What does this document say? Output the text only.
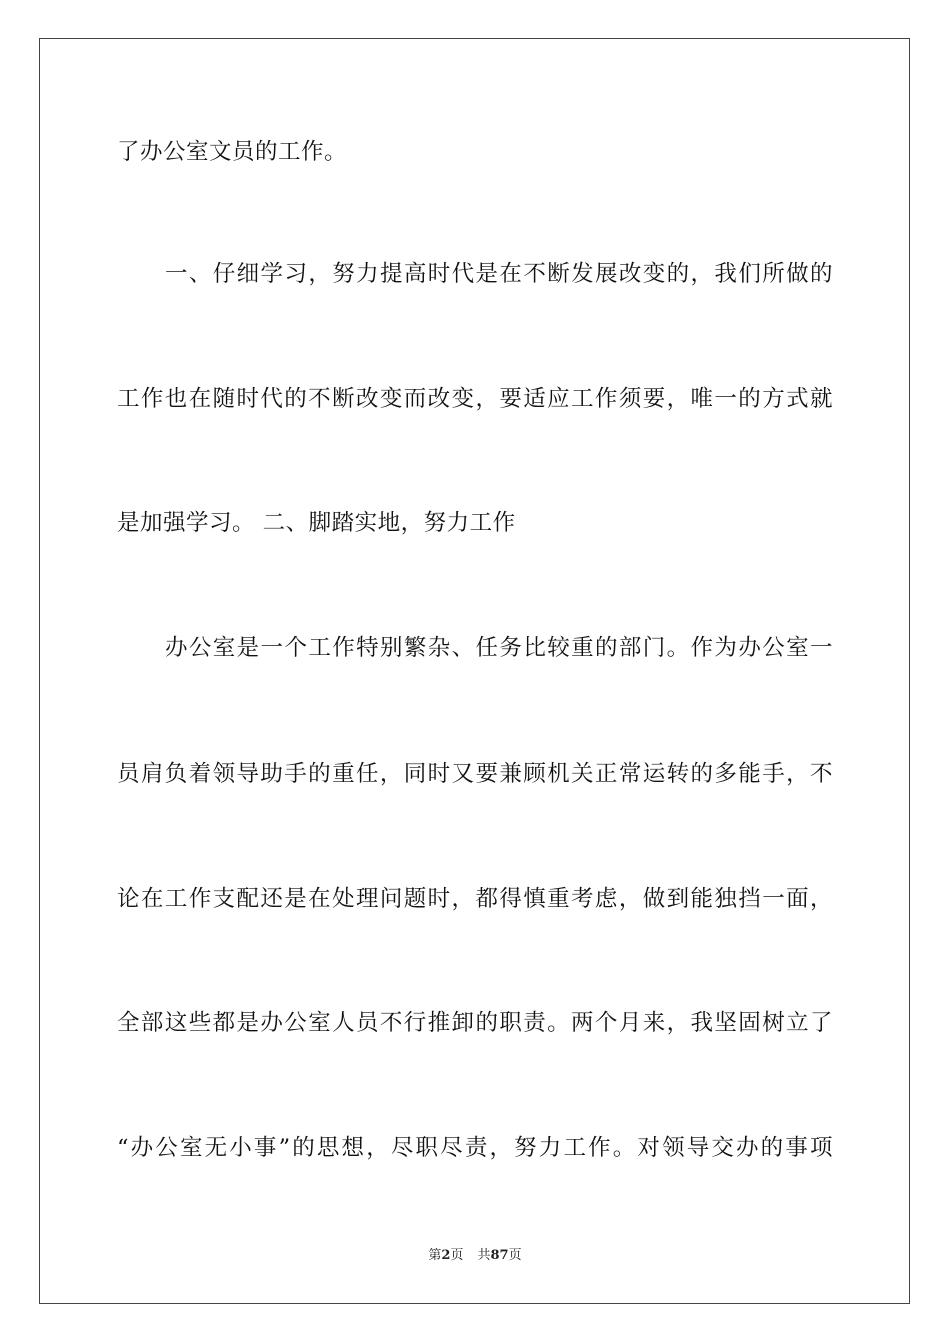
了办公室文员的工作。
一、仔细学习，努力提高时代是在不断发展改变的，我们所做的
工作也在随时代的不断改变而改变，要适应工作须要，唯一的方式就
是加强学习。 二、脚踏实地，努力工作
办公室是一个工作特别繁杂、任务比较重的部门。作为办公室一
员肩负着领导助手的重任，同时又要兼顾机关正常运转的多能手，不
论在工作支配还是在处理问题时，都得慎重考虑，做到能独挡一面，
全部这些都是办公室人员不行推卸的职责。两个月来，我坚固树立了
“办公室无小事”的思想，尽职尽责，努力工作。对领导交办的事项
第2页 共87页
